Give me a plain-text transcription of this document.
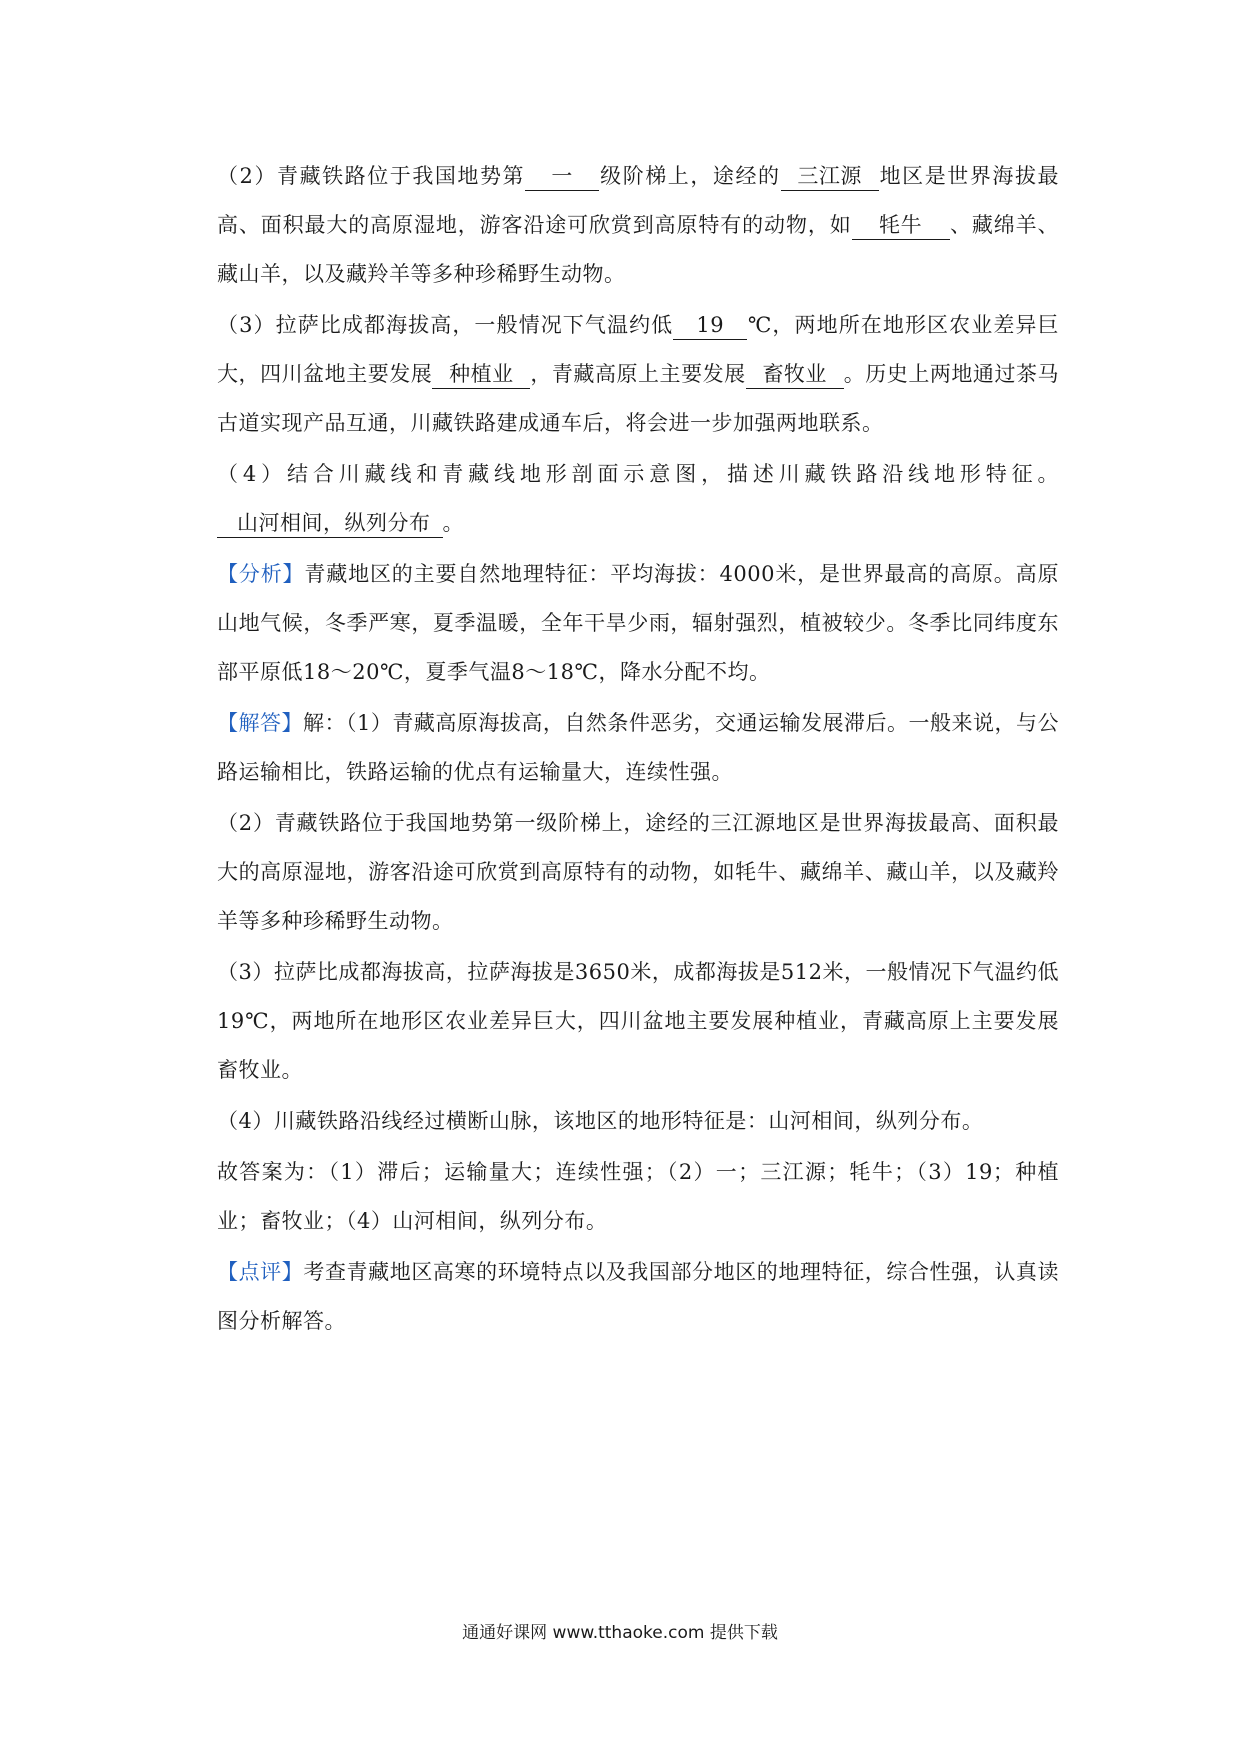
（2）青藏铁路位于我国地势第 一 级阶梯上，途经的 三江源 地区是世界海拔最高、面积最大的高原湿地，游客沿途可欣赏到高原特有的动物，如 牦牛 、藏绵羊、藏山羊，以及藏羚羊等多种珍稀野生动物。

（3）拉萨比成都海拔高，一般情况下气温约低 19 ℃，两地所在地形区农业差异巨大，四川盆地主要发展 种植业 ，青藏高原上主要发展 畜牧业 。历史上两地通过茶马古道实现产品互通，川藏铁路建成通车后，将会进一步加强两地联系。

（4）结合川藏线和青藏线地形剖面示意图，描述川藏铁路沿线地形特征。山河相间，纵列分布 。

【分析】青藏地区的主要自然地理特征：平均海拔：4000米，是世界最高的高原。高原山地气候，冬季严寒，夏季温暖，全年干旱少雨，辐射强烈，植被较少。冬季比同纬度东部平原低18～20℃，夏季气温8～18℃，降水分配不均。

【解答】解：（1）青藏高原海拔高，自然条件恶劣，交通运输发展滞后。一般来说，与公路运输相比，铁路运输的优点有运输量大，连续性强。

（2）青藏铁路位于我国地势第一级阶梯上，途经的三江源地区是世界海拔最高、面积最大的高原湿地，游客沿途可欣赏到高原特有的动物，如牦牛、藏绵羊、藏山羊，以及藏羚羊等多种珍稀野生动物。

（3）拉萨比成都海拔高，拉萨海拔是3650米，成都海拔是512米，一般情况下气温约低19℃，两地所在地形区农业差异巨大，四川盆地主要发展种植业，青藏高原上主要发展畜牧业。

（4）川藏铁路沿线经过横断山脉，该地区的地形特征是：山河相间，纵列分布。

故答案为：（1）滞后；运输量大；连续性强；（2）一；三江源；牦牛；（3）19；种植业；畜牧业；（4）山河相间，纵列分布。

【点评】考查青藏地区高寒的环境特点以及我国部分地区的地理特征，综合性强，认真读图分析解答。

通通好课网 www.tthaoke.com 提供下载
